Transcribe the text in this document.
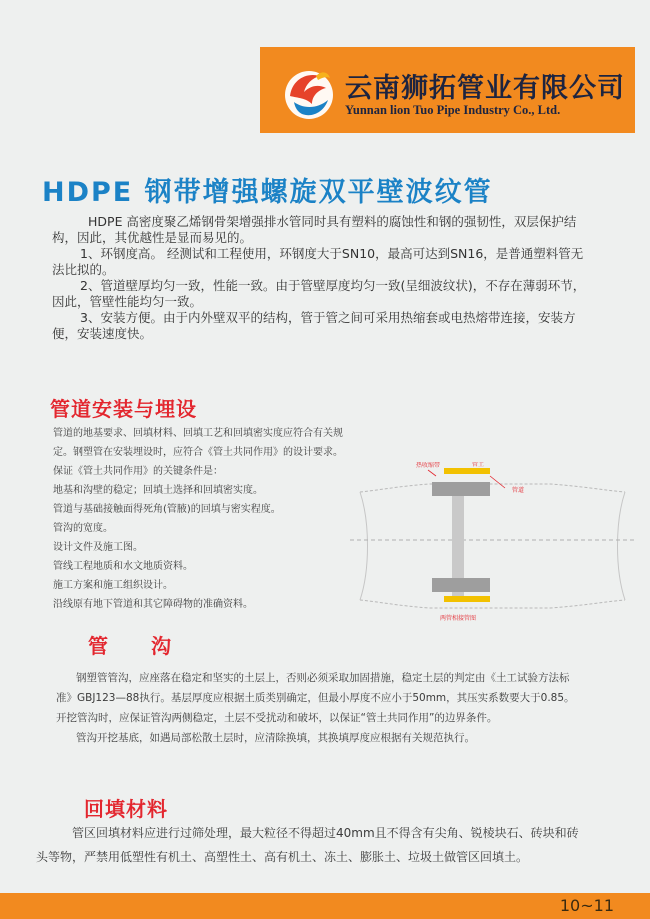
云南狮拓管业有限公司
Yunnan lion Tuo Pipe Industry Co., Ltd.
HDPE 钢带增强螺旋双平壁波纹管

HDPE 高密度聚乙烯钢骨架增强排水管同时具有塑料的腐蚀性和钢的强韧性，双层保护结构，因此，其优越性是显而易见的。

1、环钢度高。 经测试和工程使用，环钢度大于SN10，最高可达到SN16，是普通塑料管无法比拟的。

2、管道壁厚均匀一致，性能一致。由于管壁厚度均匀一致(呈细波纹状)，不存在薄弱环节， 因此，管壁性能均匀一致。

3、安装方便。由于内外壁双平的结构，管于管之间可采用热缩套或电热熔带连接，安装方便，安装速度快。

管道安装与埋设

管道的地基要求、回填材料、回填工艺和回填密实度应符合有关规

定。钢塑管在安装埋设时，应符合《管土共同作用》的设计要求。

保证《管土共同作用》的关键条件是：

地基和沟壁的稳定；回填土选择和回填密实度。

管道与基础接触面得死角(管腋)的回填与密实程度。

管沟的宽度。

设计文件及施工图。

管线工程地质和水文地质资料。

施工方案和施工组织设计。

沿线原有地下管道和其它障碍物的准确资料。

热收缩带	管土
管道
两管相接管图
管　　沟

钢塑管管沟，应座落在稳定和坚实的土层上，否则必须采取加固措施，稳定土层的判定由《土工试验方法标准》GBJ123—88执行。基层厚度应根据土质类别确定，但最小厚度不应小于50mm，其压实系数要大于0.85。开挖管沟时，应保证管沟两侧稳定，土层不受扰动和破坏，以保证“管土共同作用”的边界条件。

管沟开挖基底，如遇局部松散土层时，应清除换填，其换填厚度应根据有关规范执行。

回填材料

管区回填材料应进行过筛处理，最大粒径不得超过40mm且不得含有尖角、锐棱块石、砖块和砖头等物，严禁用低塑性有机土、高塑性土、高有机土、冻土、膨胀土、垃圾土做管区回填土。

10~11
